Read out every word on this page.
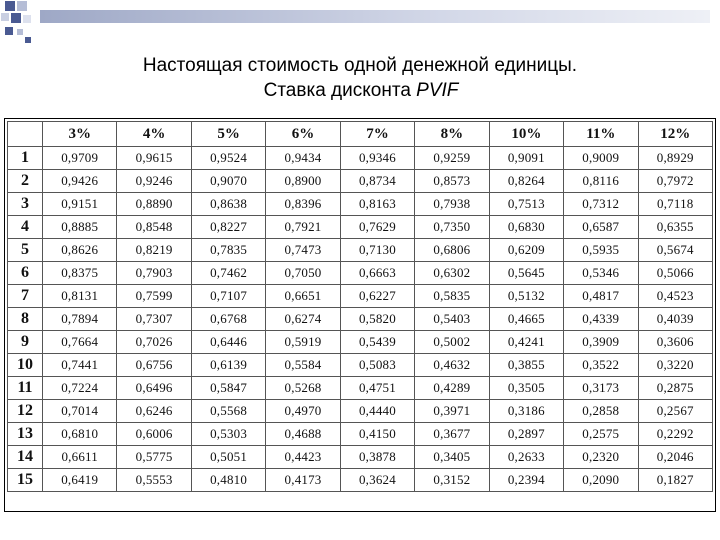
Настоящая стоимость одной денежной единицы.
Ставка дисконта PVIF
	3%	4%	5%	6%	7%	8%	10%	11%	12%
1	0,9709	0,9615	0,9524	0,9434	0,9346	0,9259	0,9091	0,9009	0,8929
2	0,9426	0,9246	0,9070	0,8900	0,8734	0,8573	0,8264	0,8116	0,7972
3	0,9151	0,8890	0,8638	0,8396	0,8163	0,7938	0,7513	0,7312	0,7118
4	0,8885	0,8548	0,8227	0,7921	0,7629	0,7350	0,6830	0,6587	0,6355
5	0,8626	0,8219	0,7835	0,7473	0,7130	0,6806	0,6209	0,5935	0,5674
6	0,8375	0,7903	0,7462	0,7050	0,6663	0,6302	0,5645	0,5346	0,5066
7	0,8131	0,7599	0,7107	0,6651	0,6227	0,5835	0,5132	0,4817	0,4523
8	0,7894	0,7307	0,6768	0,6274	0,5820	0,5403	0,4665	0,4339	0,4039
9	0,7664	0,7026	0,6446	0,5919	0,5439	0,5002	0,4241	0,3909	0,3606
10	0,7441	0,6756	0,6139	0,5584	0,5083	0,4632	0,3855	0,3522	0,3220
11	0,7224	0,6496	0,5847	0,5268	0,4751	0,4289	0,3505	0,3173	0,2875
12	0,7014	0,6246	0,5568	0,4970	0,4440	0,3971	0,3186	0,2858	0,2567
13	0,6810	0,6006	0,5303	0,4688	0,4150	0,3677	0,2897	0,2575	0,2292
14	0,6611	0,5775	0,5051	0,4423	0,3878	0,3405	0,2633	0,2320	0,2046
15	0,6419	0,5553	0,4810	0,4173	0,3624	0,3152	0,2394	0,2090	0,1827
